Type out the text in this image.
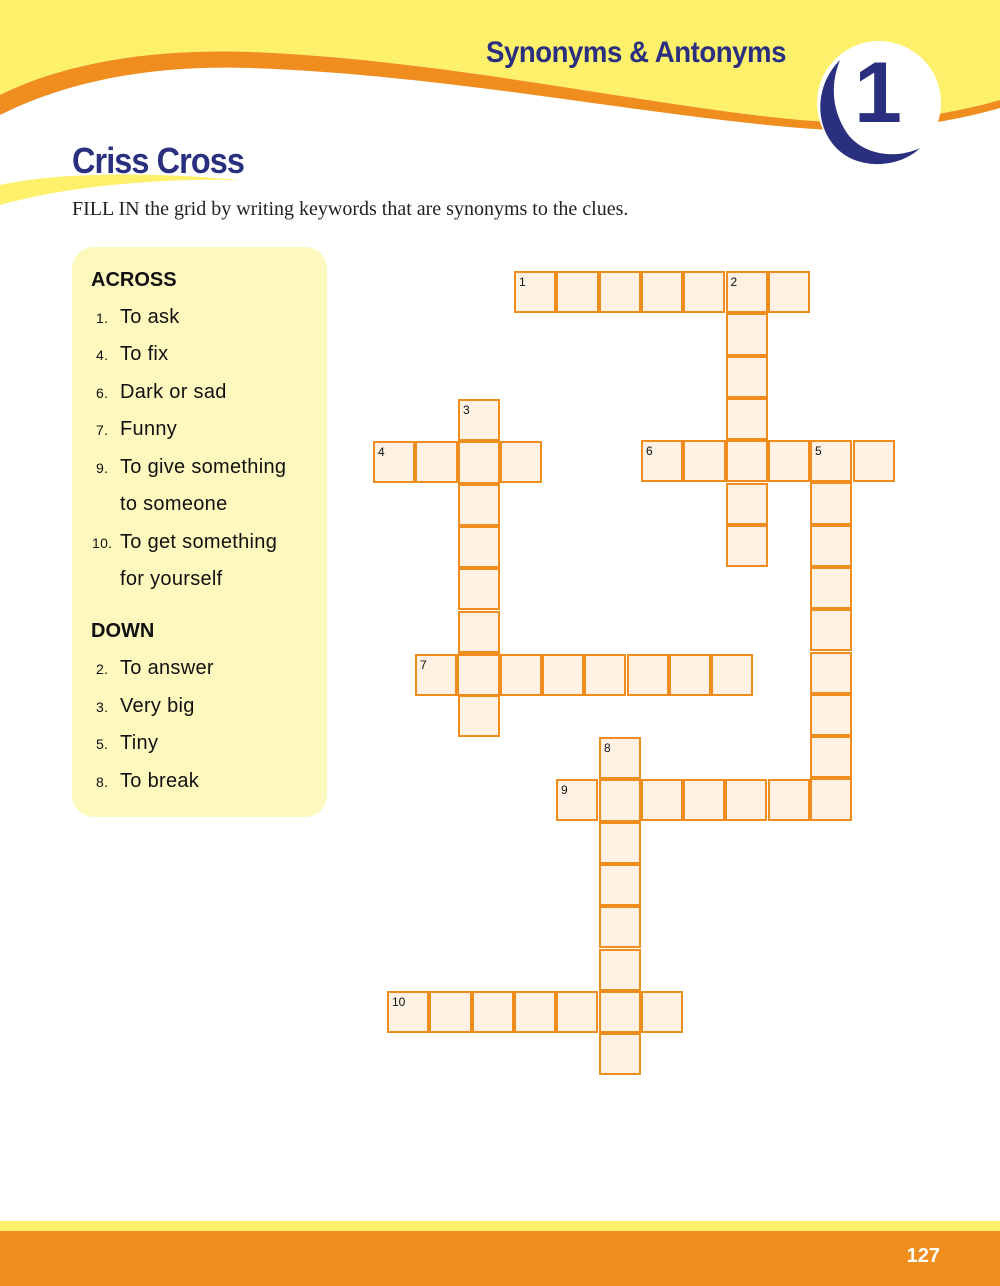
Synonyms & Antonyms 1
Criss Cross
FILL IN the grid by writing keywords that are synonyms to the clues.
ACROSS
1. To ask
4. To fix
6. Dark or sad
7. Funny
9. To give something
to someone
10. To get something
for yourself
DOWN
2. To answer
3. Very big
5. Tiny
8. To break
1	2
3
4	5
6
7
8
9
10
127
